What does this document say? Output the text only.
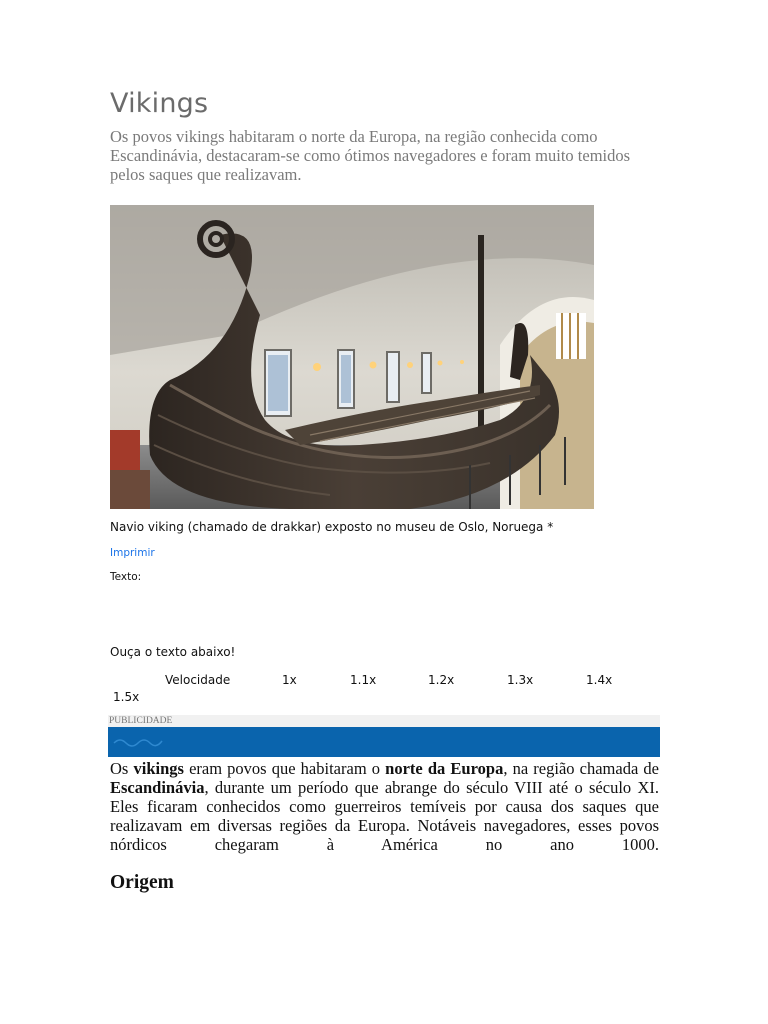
Vikings

Os povos vikings habitaram o norte da Europa, na região conhecida como Escandinávia, destacaram-se como ótimos navegadores e foram muito temidos pelos saques que realizavam.

Navio viking (chamado de drakkar) exposto no museu de Oslo, Noruega *

Imprimir

Texto:

Ouça o texto abaixo!

Velocidade	1x	1.1x	1.2x	1.3x	1.4x
1.5x
PUBLICIDADE

Os vikings eram povos que habitaram o norte da Europa, na região chamada de Escandinávia, durante um período que abrange do século VIII até o século XI. Eles ficaram conhecidos como guerreiros temíveis por causa dos saques que realizavam em diversas regiões da Europa. Notáveis navegadores, esses povos nórdicos chegaram à América no ano 1000.

Origem
